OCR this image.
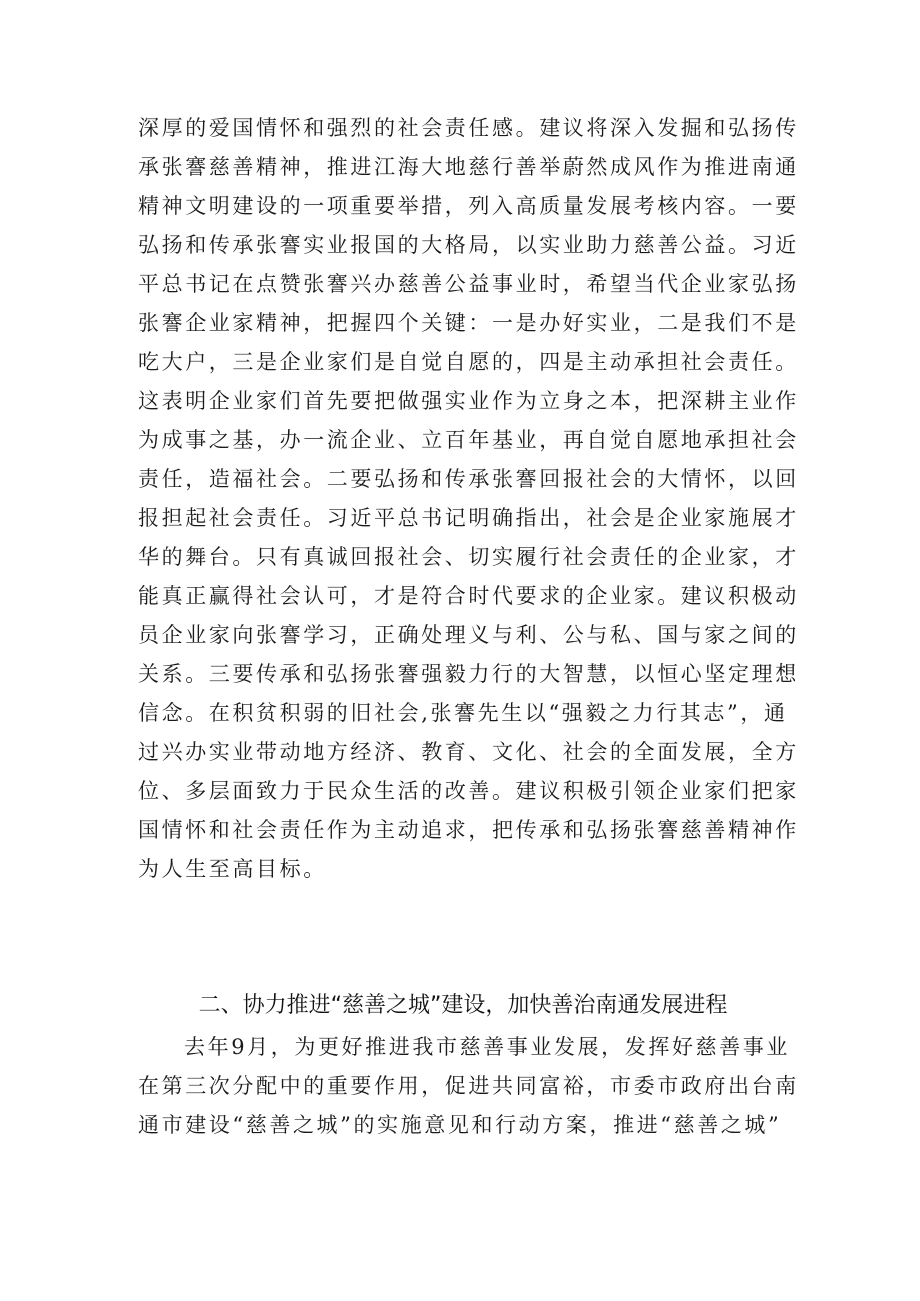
深厚的爱国情怀和强烈的社会责任感。建议将深入发掘和弘扬传
承张謇慈善精神，推进江海大地慈行善举蔚然成风作为推进南通
精神文明建设的一项重要举措，列入高质量发展考核内容。一要
弘扬和传承张謇实业报国的大格局，以实业助力慈善公益。习近
平总书记在点赞张謇兴办慈善公益事业时，希望当代企业家弘扬
张謇企业家精神，把握四个关键：一是办好实业，二是我们不是
吃大户，三是企业家们是自觉自愿的，四是主动承担社会责任。
这表明企业家们首先要把做强实业作为立身之本，把深耕主业作
为成事之基，办一流企业、立百年基业，再自觉自愿地承担社会
责任，造福社会。二要弘扬和传承张謇回报社会的大情怀，以回
报担起社会责任。习近平总书记明确指出，社会是企业家施展才
华的舞台。只有真诚回报社会、切实履行社会责任的企业家，才
能真正赢得社会认可，才是符合时代要求的企业家。建议积极动
员企业家向张謇学习，正确处理义与利、公与私、国与家之间的
关系。三要传承和弘扬张謇强毅力行的大智慧，以恒心坚定理想
信念。在积贫积弱的旧社会,张謇先生以“强毅之力行其志”，通
过兴办实业带动地方经济、教育、文化、社会的全面发展，全方
位、多层面致力于民众生活的改善。建议积极引领企业家们把家
国情怀和社会责任作为主动追求，把传承和弘扬张謇慈善精神作
为人生至高目标。
二、协力推进“慈善之城”建设，加快善治南通发展进程
去年9月，为更好推进我市慈善事业发展，发挥好慈善事业
在第三次分配中的重要作用，促进共同富裕，市委市政府出台南
通市建设“慈善之城”的实施意见和行动方案，推进“慈善之城”
